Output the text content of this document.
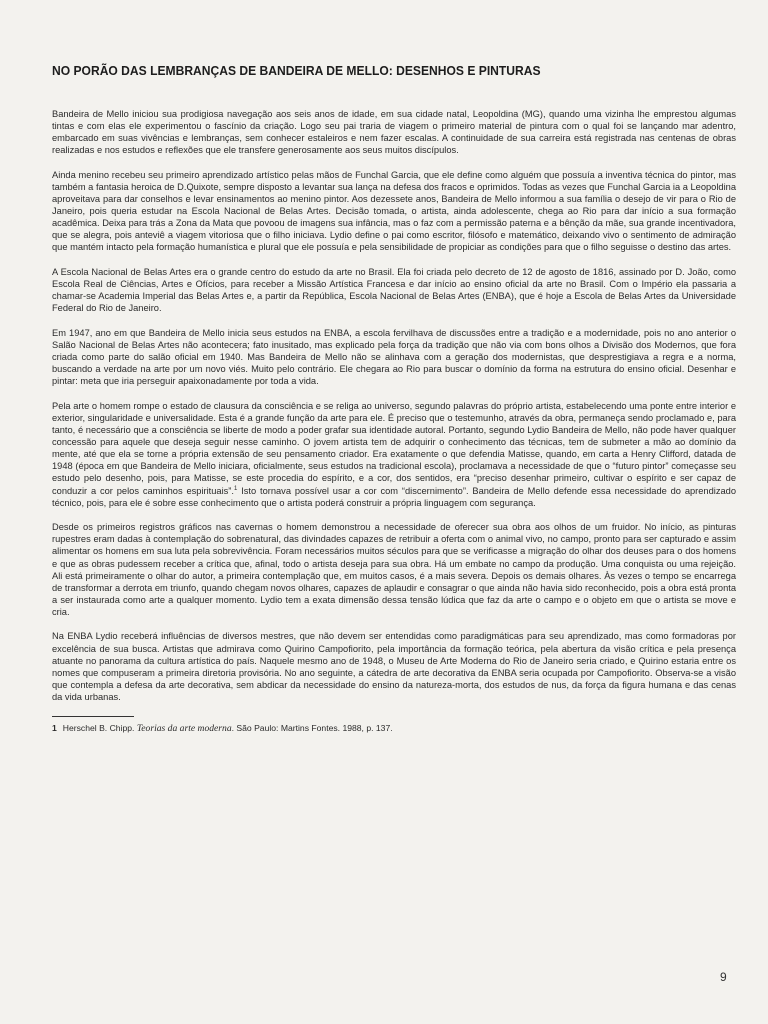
NO PORÃO DAS LEMBRANÇAS DE BANDEIRA DE MELLO: DESENHOS E PINTURAS

Bandeira de Mello iniciou sua prodigiosa navegação aos seis anos de idade, em sua cidade natal, Leopoldina (MG), quando uma vizinha lhe emprestou algumas tintas e com elas ele experimentou o fascínio da criação. Logo seu pai traria de viagem o primeiro material de pintura com o qual foi se lançando mar adentro, embarcado em suas vivências e lembranças, sem conhecer estaleiros e nem fazer escalas. A continuidade de sua carreira está registrada nas centenas de obras realizadas e nos estudos e reflexões que ele transfere generosamente aos seus muitos discípulos.

Ainda menino recebeu seu primeiro aprendizado artístico pelas mãos de Funchal Garcia, que ele define como alguém que possuía a inventiva técnica do pintor, mas também a fantasia heroica de D.Quixote, sempre disposto a levantar sua lança na defesa dos fracos e oprimidos. Todas as vezes que Funchal Garcia ia a Leopoldina aproveitava para dar conselhos e levar ensinamentos ao menino pintor. Aos dezessete anos, Bandeira de Mello informou a sua família o desejo de vir para o Rio de Janeiro, pois queria estudar na Escola Nacional de Belas Artes. Decisão tomada, o artista, ainda adolescente, chega ao Rio para dar início a sua formação acadêmica. Deixa para trás a Zona da Mata que povoou de imagens sua infância, mas o faz com a permissão paterna e a bênção da mãe, sua grande incentivadora, que se alegra, pois anteviê a viagem vitoriosa que o filho iniciava. Lydio define o pai como escritor, filósofo e matemático, deixando vivo o sentimento de admiração que mantém intacto pela formação humanística e plural que ele possuía e pela sensibilidade de propiciar as condições para que o filho seguisse o destino das artes.

A Escola Nacional de Belas Artes era o grande centro do estudo da arte no Brasil. Ela foi criada pelo decreto de 12 de agosto de 1816, assinado por D. João, como Escola Real de Ciências, Artes e Ofícios, para receber a Missão Artística Francesa e dar início ao ensino oficial da arte no Brasil. Com o Império ela passaria a chamar-se Academia Imperial das Belas Artes e, a partir da República, Escola Nacional de Belas Artes (ENBA), que é hoje a Escola de Belas Artes da Universidade Federal do Rio de Janeiro.

Em 1947, ano em que Bandeira de Mello inicia seus estudos na ENBA, a escola fervilhava de discussões entre a tradição e a modernidade, pois no ano anterior o Salão Nacional de Belas Artes não acontecera; fato inusitado, mas explicado pela força da tradição que não via com bons olhos a Divisão dos Modernos, que fora criada como parte do salão oficial em 1940. Mas Bandeira de Mello não se alinhava com a geração dos modernistas, que desprestigiava a regra e a norma, buscando a verdade na arte por um novo viés. Muito pelo contrário. Ele chegara ao Rio para buscar o domínio da forma na estrutura do ensino oficial. Desenhar e pintar: meta que iria perseguir apaixonadamente por toda a vida.

Pela arte o homem rompe o estado de clausura da consciência e se religa ao universo, segundo palavras do próprio artista, estabelecendo uma ponte entre interior e exterior, singularidade e universalidade. Esta é a grande função da arte para ele. É preciso que o testemunho, através da obra, permaneça sendo proclamado e, para tanto, é necessário que a consciência se liberte de modo a poder grafar sua identidade autoral. Portanto, segundo Lydio Bandeira de Mello, não pode haver qualquer concessão para aquele que deseja seguir nesse caminho. O jovem artista tem de adquirir o conhecimento das técnicas, tem de submeter a mão ao domínio da mente, até que ela se torne a própria extensão de seu pensamento criador. Era exatamente o que defendia Matisse, quando, em carta a Henry Clifford, datada de 1948 (época em que Bandeira de Mello iniciara, oficialmente, seus estudos na tradicional escola), proclamava a necessidade de que o “futuro pintor” começasse seu estudo pelo desenho, pois, para Matisse, se este procedia do espírito, e a cor, dos sentidos, era “preciso desenhar primeiro, cultivar o espírito e ser capaz de conduzir a cor pelos caminhos espirituais”.$^1$ Isto tornava possível usar a cor com “discernimento”. Bandeira de Mello defende essa necessidade do aprendizado técnico, pois, para ele é sobre esse conhecimento que o artista poderá construir a própria linguagem com segurança.

Desde os primeiros registros gráficos nas cavernas o homem demonstrou a necessidade de oferecer sua obra aos olhos de um fruidor. No início, as pinturas rupestres eram dadas à contemplação do sobrenatural, das divindades capazes de retribuir a oferta com o animal vivo, no campo, pronto para ser capturado e assim alimentar os homens em sua luta pela sobrevivência. Foram necessários muitos séculos para que se verificasse a migração do olhar dos deuses para o dos homens e que as obras pudessem receber a crítica que, afinal, todo o artista deseja para sua obra. Há um embate no campo da produção. Uma conquista ou uma rejeição. Ali está primeiramente o olhar do autor, a primeira contemplação que, em muitos casos, é a mais severa. Depois os demais olhares. Às vezes o tempo se encarrega de transformar a derrota em triunfo, quando chegam novos olhares, capazes de aplaudir e consagrar o que ainda não havia sido reconhecido, pois a obra está pronta a ser instaurada como arte a qualquer momento. Lydio tem a exata dimensão dessa tensão lúdica que faz da arte o campo e o objeto em que o artista se move e cria.

Na ENBA Lydio receberá influências de diversos mestres, que não devem ser entendidas como paradigmáticas para seu aprendizado, mas como formadoras por excelência de sua busca. Artistas que admirava como Quirino Campofiorito, pela importância da formação teórica, pela abertura da visão crítica e pela presença atuante no panorama da cultura artística do país. Naquele mesmo ano de 1948, o Museu de Arte Moderna do Rio de Janeiro seria criado, e Quirino estaria entre os nomes que compuseram a primeira diretoria provisória. No ano seguinte, a cátedra de arte decorativa da ENBA seria ocupada por Campofiorito. Observa-se a visão que contempla a defesa da arte decorativa, sem abdicar da necessidade do ensino da natureza-morta, dos estudos de nus, da força da figura humana e das cenas da vida urbanas.

1 Herschel B. Chipp. Teorias da arte moderna. São Paulo: Martins Fontes. 1988, p. 137.
9
